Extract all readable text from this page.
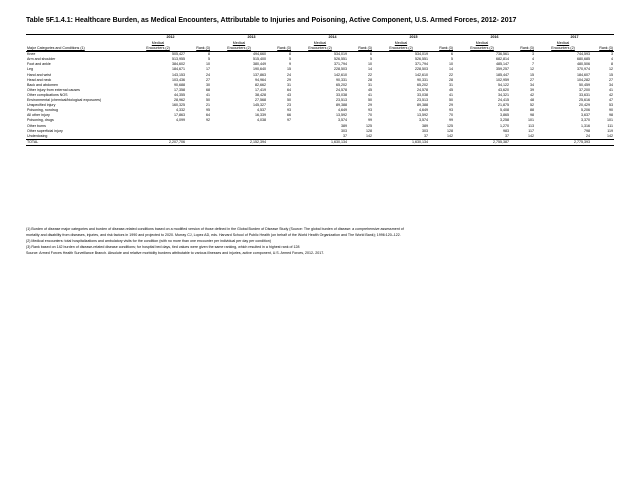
Table 5F.1.4.1: Healthcare Burden, as Medical Encounters, Attributable to Injuries and Poisoning, Active Component, U.S. Armed Forces, 2012- 2017
	2012		2013		2014		2015		2016		2017	
	Medical		Medical		Medical		Medical		Medical		Medical	
Major Categories and Conditions (1)	Encounters (2)	Rank (3)	Encounters (2)	Rank (3)	Encounters (2)	Rank (3)	Encounters (2)	Rank (3)	Encounters (2)	Rank (3)	Encounters (2)	Rank (3)
Knee	505,427	8	494,660	8	534,019	6	534,019	6	736,561	3	744,593	3
Arm and shoulder	513,955	5	515,400	5	526,551	5	526,551	5	682,814	4	680,685	4
Foot and ankle	384,602	10	380,449	9	371,794	10	371,794	10	485,147	7	480,506	8
Leg	184,671	17	190,640	15	228,503	14	228,503	14	359,257	12	370,974	12
Hand and wrist	143,153	24	137,863	24	142,610	22	142,610	22	185,447	15	184,607	15
Head and neck	103,436	27	94,964	29	90,331	28	90,331	28	102,959	27	104,282	27
Back and abdomen	90,688	30	82,662	31	65,202	31	65,202	31	54,122	34	50,459	34
Other injury from external causes	17,358	68	17,419	64	24,578	45	24,578	45	43,620	39	37,200	41
Other complications NOS	44,355	41	38,428	43	33,038	41	33,038	41	34,321	42	33,631	42
Environmental (chemical/biological exposures)	28,962	50	27,568	50	23,513	50	23,513	50	24,415	48	25,616	47
Unspecified injury	160,325	21	145,327	23	89,388	29	89,388	29	21,875	52	20,429	53
Poisoning, nondrug	4,332	95	4,537	93	4,649	93	4,649	93	5,408	88	5,206	90
All other injury	17,863	64	16,339	66	13,592	70	13,592	70	3,865	98	3,637	98
Poisoning, drugs	4,099	92	4,038	97	3,574	99	3,574	99	3,258	101	3,370	101
Other burns					389	125	389	125	1,270	113	1,316	111
Other superficial injury					303	128	303	128	983	117	798	119
Underdosing					37	142	37	142	37	142	24	142
TOTAL	2,207,706		2,152,394		1,630,134		1,630,134		2,755,387		2,775,393	
(1) Burden of disease major categories and burden of disease-related conditions based on a modified version of those defined in the Global Burden of Disease Study (Source: The global burden of disease: a comprehensive assessment of
mortality and disability from diseases, injuries, and risk factors in 1990 and projected to 2020. Murray CJ, Lopez AD, eds. Harvard School of Public Health (on behalf of the World Health Organization and The World Bank); 1996:120–122.
(2) Medical encounters: total hospitalizations and ambulatory visits for the condition (with no more than one encounter per individual per day per condition)
(3) Rank based on 142 burden of disease-related disease conditions; for hospital bed days, tied values were given the same ranking, which resulted in a highest rank of 128
Source: Armed Forces Health Surveillance Branch. Absolute and relative morbidity burdens attributable to various illnesses and injuries, active component, U.S. Armed Forces, 2012- 2017.
